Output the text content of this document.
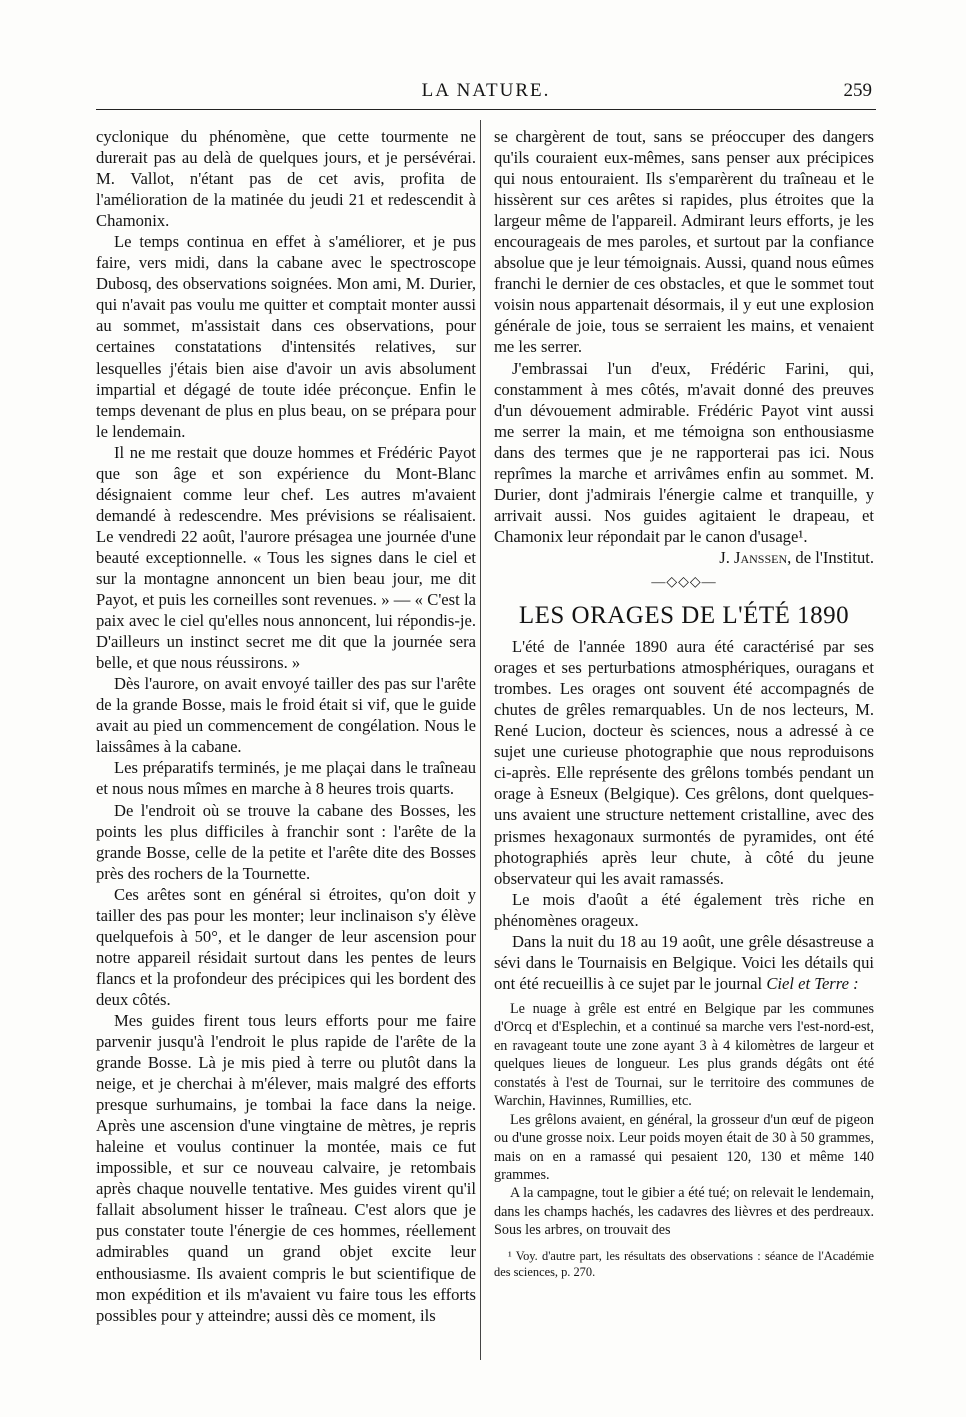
LA NATURE.	259

cyclonique du phénomène, que cette tourmente ne durerait pas au delà de quelques jours, et je persévérai. M. Vallot, n'étant pas de cet avis, profita de l'amélioration de la matinée du jeudi 21 et redescendit à Chamonix.

Le temps continua en effet à s'améliorer, et je pus faire, vers midi, dans la cabane avec le spectroscope Dubosq, des observations soignées. Mon ami, M. Durier, qui n'avait pas voulu me quitter et comptait monter aussi au sommet, m'assistait dans ces observations, pour certaines constatations d'intensités relatives, sur lesquelles j'étais bien aise d'avoir un avis absolument impartial et dégagé de toute idée préconçue. Enfin le temps devenant de plus en plus beau, on se prépara pour le lendemain.

Il ne me restait que douze hommes et Frédéric Payot que son âge et son expérience du Mont-Blanc désignaient comme leur chef. Les autres m'avaient demandé à redescendre. Mes prévisions se réalisaient. Le vendredi 22 août, l'aurore présagea une journée d'une beauté exceptionnelle. « Tous les signes dans le ciel et sur la montagne annoncent un bien beau jour, me dit Payot, et puis les corneilles sont revenues. » — « C'est la paix avec le ciel qu'elles nous annoncent, lui répondis-je. D'ailleurs un instinct secret me dit que la journée sera belle, et que nous réussirons. »

Dès l'aurore, on avait envoyé tailler des pas sur l'arête de la grande Bosse, mais le froid était si vif, que le guide avait au pied un commencement de congélation. Nous le laissâmes à la cabane.

Les préparatifs terminés, je me plaçai dans le traîneau et nous nous mîmes en marche à 8 heures trois quarts.

De l'endroit où se trouve la cabane des Bosses, les points les plus difficiles à franchir sont : l'arête de la grande Bosse, celle de la petite et l'arête dite des Bosses près des rochers de la Tournette.

Ces arêtes sont en général si étroites, qu'on doit y tailler des pas pour les monter; leur inclinaison s'y élève quelquefois à 50°, et le danger de leur ascension pour notre appareil résidait surtout dans les pentes de leurs flancs et la profondeur des précipices qui les bordent des deux côtés.

Mes guides firent tous leurs efforts pour me faire parvenir jusqu'à l'endroit le plus rapide de l'arête de la grande Bosse. Là je mis pied à terre ou plutôt dans la neige, et je cherchai à m'élever, mais malgré des efforts presque surhumains, je tombai la face dans la neige. Après une ascension d'une vingtaine de mètres, je repris haleine et voulus continuer la montée, mais ce fut impossible, et sur ce nouveau calvaire, je retombais après chaque nouvelle tentative. Mes guides virent qu'il fallait absolument hisser le traîneau. C'est alors que je pus constater toute l'énergie de ces hommes, réellement admirables quand un grand objet excite leur enthousiasme. Ils avaient compris le but scientifique de mon expédition et ils m'avaient vu faire tous les efforts possibles pour y atteindre; aussi dès ce moment, ils

se chargèrent de tout, sans se préoccuper des dangers qu'ils couraient eux-mêmes, sans penser aux précipices qui nous entouraient. Ils s'emparèrent du traîneau et le hissèrent sur ces arêtes si rapides, plus étroites que la largeur même de l'appareil. Admirant leurs efforts, je les encourageais de mes paroles, et surtout par la confiance absolue que je leur témoignais. Aussi, quand nous eûmes franchi le dernier de ces obstacles, et que le sommet tout voisin nous appartenait désormais, il y eut une explosion générale de joie, tous se serraient les mains, et venaient me les serrer.

J'embrassai l'un d'eux, Frédéric Farini, qui, constamment à mes côtés, m'avait donné des preuves d'un dévouement admirable. Frédéric Payot vint aussi me serrer la main, et me témoigna son enthousiasme dans des termes que je ne rapporterai pas ici. Nous reprîmes la marche et arrivâmes enfin au sommet. M. Durier, dont j'admirais l'énergie calme et tranquille, y arrivait aussi. Nos guides agitaient le drapeau, et Chamonix leur répondait par le canon d'usage¹.
J. Janssen, de l'Institut.

—◇◇◇—
LES ORAGES DE L'ÉTÉ 1890

L'été de l'année 1890 aura été caractérisé par ses orages et ses perturbations atmosphériques, ouragans et trombes. Les orages ont souvent été accompagnés de chutes de grêles remarquables. Un de nos lecteurs, M. René Lucion, docteur ès sciences, nous a adressé à ce sujet une curieuse photographie que nous reproduisons ci-après. Elle représente des grêlons tombés pendant un orage à Esneux (Belgique). Ces grêlons, dont quelques-uns avaient une structure nettement cristalline, avec des prismes hexagonaux surmontés de pyramides, ont été photographiés après leur chute, à côté du jeune observateur qui les avait ramassés.

Le mois d'août a été également très riche en phénomènes orageux.

Dans la nuit du 18 au 19 août, une grêle désastreuse a sévi dans le Tournaisis en Belgique. Voici les détails qui ont été recueillis à ce sujet par le journal Ciel et Terre :

Le nuage à grêle est entré en Belgique par les communes d'Orcq et d'Esplechin, et a continué sa marche vers l'est-nord-est, en ravageant toute une zone ayant 3 à 4 kilomètres de largeur et quelques lieues de longueur. Les plus grands dégâts ont été constatés à l'est de Tournai, sur le territoire des communes de Warchin, Havinnes, Rumillies, etc.

Les grêlons avaient, en général, la grosseur d'un œuf de pigeon ou d'une grosse noix. Leur poids moyen était de 30 à 50 grammes, mais on en a ramassé qui pesaient 120, 130 et même 140 grammes.

A la campagne, tout le gibier a été tué; on relevait le lendemain, dans les champs hachés, les cadavres des lièvres et des perdreaux. Sous les arbres, on trouvait des

¹ Voy. d'autre part, les résultats des observations : séance de l'Académie des sciences, p. 270.
